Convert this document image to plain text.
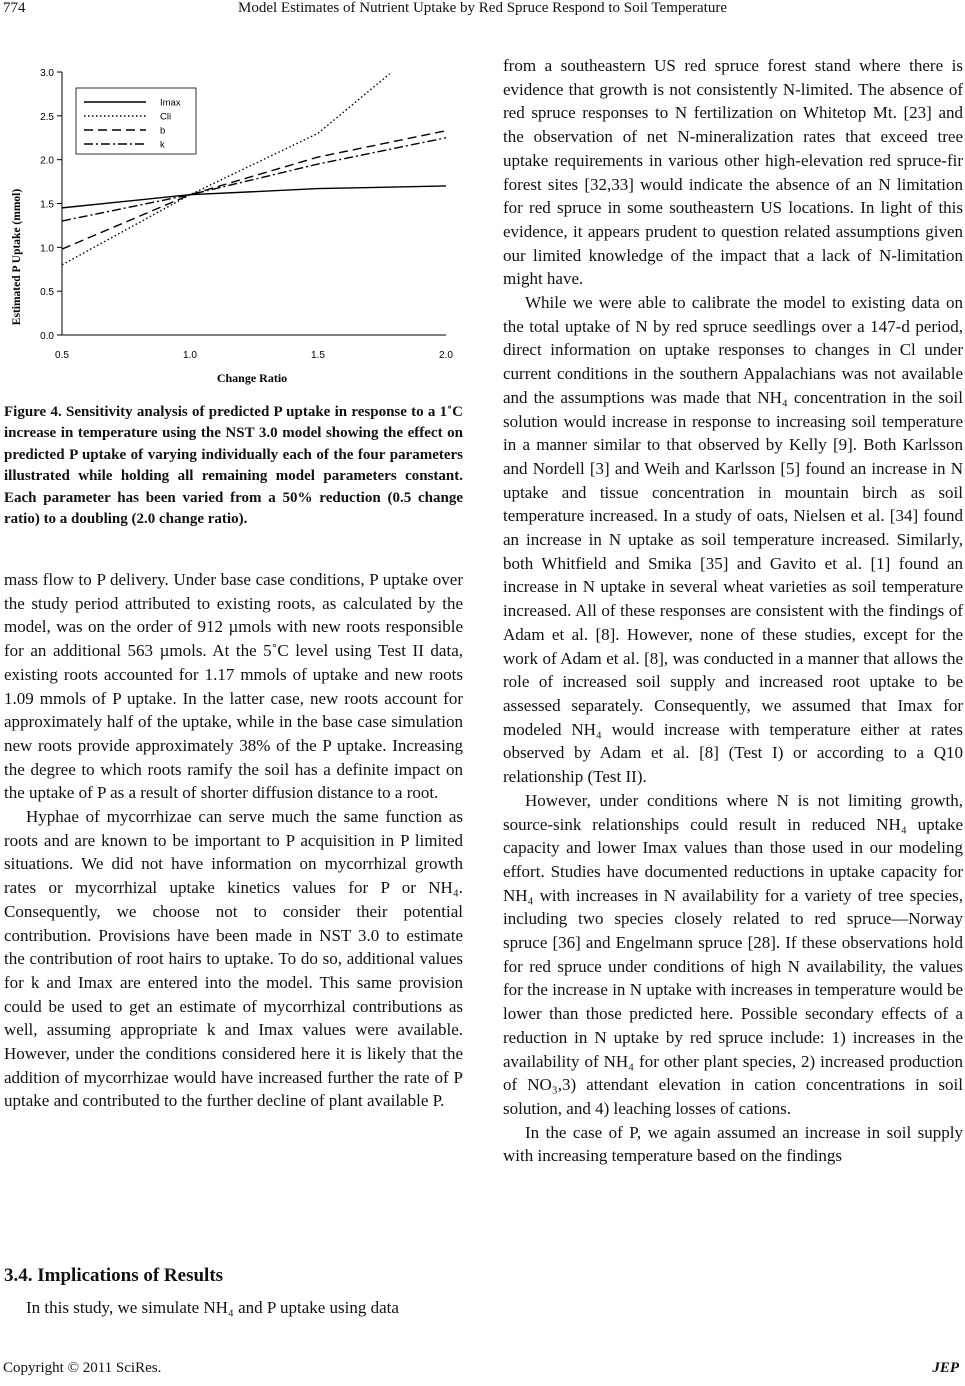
Model Estimates of Nutrient Uptake by Red Spruce Respond to Soil Temperature
774
0.0
0.5
1.0
1.5
2.0
2.5
3.0
0.5	1.0	1.5	2.0
Imax
Cli
b
k
Estimated P Uptake (mmol)
Change Ratio
Figure 4. Sensitivity analysis of predicted P uptake in response to a 1˚C increase in temperature using the NST 3.0 model showing the effect on predicted P uptake of varying individually each of the four parameters illustrated while holding all remaining model parameters constant. Each parameter has been varied from a 50% reduction (0.5 change ratio) to a doubling (2.0 change ratio).

mass flow to P delivery. Under base case conditions, P uptake over the study period attributed to existing roots, as calculated by the model, was on the order of 912 µmols with new roots responsible for an additional 563 µmols. At the 5˚C level using Test II data, existing roots accounted for 1.17 mmols of uptake and new roots 1.09 mmols of P uptake. In the latter case, new roots account for approximately half of the uptake, while in the base case simulation new roots provide approximately 38% of the P uptake. Increasing the degree to which roots ramify the soil has a definite impact on the uptake of P as a result of shorter diffusion distance to a root.

Hyphae of mycorrhizae can serve much the same function as roots and are known to be important to P acquisition in P limited situations. We did not have information on mycorrhizal growth rates or mycorrhizal uptake kinetics values for P or NH₄. Consequently, we choose not to consider their potential contribution. Provisions have been made in NST 3.0 to estimate the contribution of root hairs to uptake. To do so, additional values for k and Imax are entered into the model. This same provision could be used to get an estimate of mycorrhizal contributions as well, assuming appropriate k and Imax values were available. However, under the conditions considered here it is likely that the addition of mycorrhizae would have increased further the rate of P uptake and contributed to the further decline of plant available P.

3.4. Implications of Results

In this study, we simulate NH₄ and P uptake using data

from a southeastern US red spruce forest stand where there is evidence that growth is not consistently N-limited. The absence of red spruce responses to N fertilization on Whitetop Mt. [23] and the observation of net N-mineralization rates that exceed tree uptake requirements in various other high-elevation red spruce-fir forest sites [32,33] would indicate the absence of an N limitation for red spruce in some southeastern US locations. In light of this evidence, it appears prudent to question related assumptions given our limited knowledge of the impact that a lack of N-limitation might have.

While we were able to calibrate the model to existing data on the total uptake of N by red spruce seedlings over a 147-d period, direct information on uptake responses to changes in Cl under current conditions in the southern Appalachians was not available and the assumptions was made that NH₄ concentration in the soil solution would increase in response to increasing soil temperature in a manner similar to that observed by Kelly [9]. Both Karlsson and Nordell [3] and Weih and Karlsson [5] found an increase in N uptake and tissue concentration in mountain birch as soil temperature increased. In a study of oats, Nielsen et al. [34] found an increase in N uptake as soil temperature increased. Similarly, both Whitfield and Smika [35] and Gavito et al. [1] found an increase in N uptake in several wheat varieties as soil temperature increased. All of these responses are consistent with the findings of Adam et al. [8]. However, none of these studies, except for the work of Adam et al. [8], was conducted in a manner that allows the role of increased soil supply and increased root uptake to be assessed separately. Consequently, we assumed that Imax for modeled NH₄ would increase with temperature either at rates observed by Adam et al. [8] (Test I) or according to a Q10 relationship (Test II).

However, under conditions where N is not limiting growth, source-sink relationships could result in reduced NH₄ uptake capacity and lower Imax values than those used in our modeling effort. Studies have documented reductions in uptake capacity for NH₄ with increases in N availability for a variety of tree species, including two species closely related to red spruce—Norway spruce [36] and Engelmann spruce [28]. If these observations hold for red spruce under conditions of high N availability, the values for the increase in N uptake with increases in temperature would be lower than those predicted here. Possible secondary effects of a reduction in N uptake by red spruce include: 1) increases in the availability of NH₄ for other plant species, 2) increased production of NO₃,3) attendant elevation in cation concentrations in soil solution, and 4) leaching losses of cations.

In the case of P, we again assumed an increase in soil supply with increasing temperature based on the findings

Copyright © 2011 SciRes.	JEP
